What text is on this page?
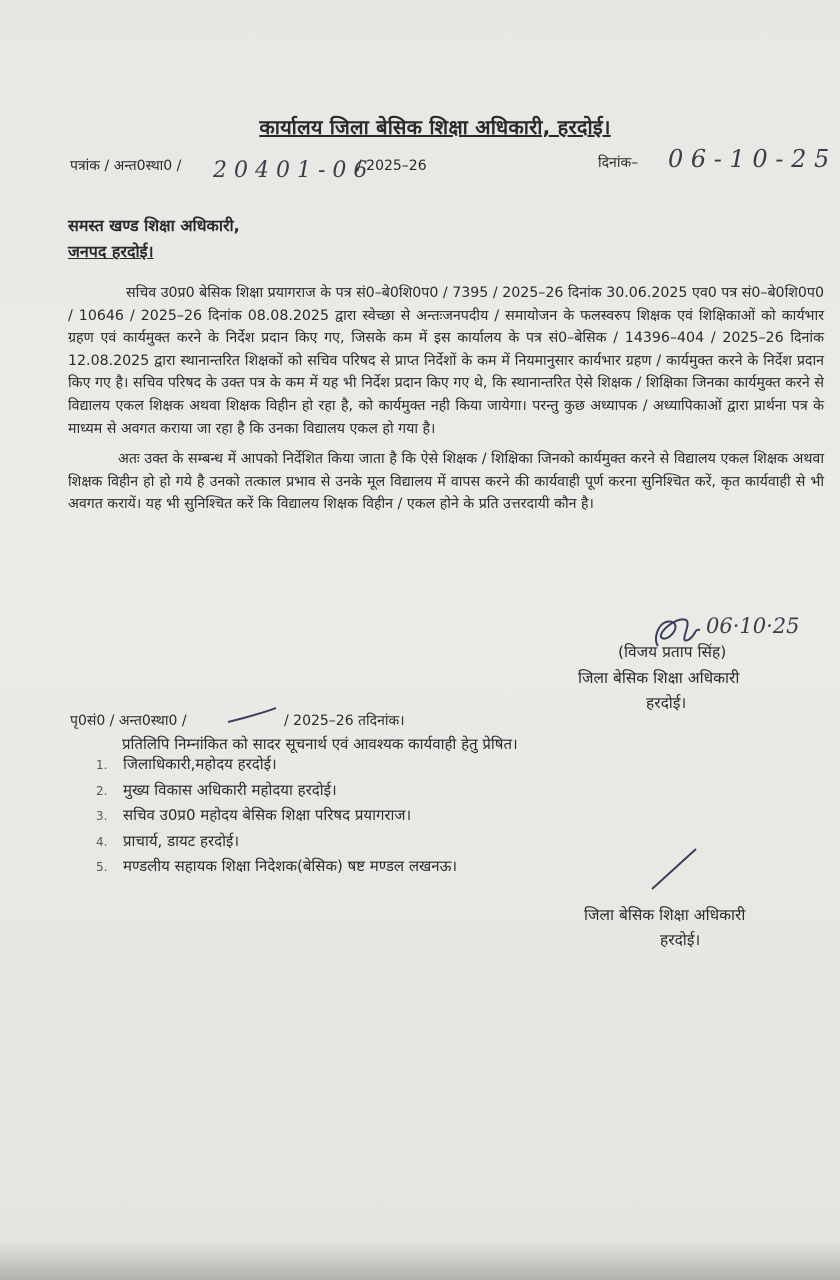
कार्यालय जिला बेसिक शिक्षा अधिकारी, हरदोई।
पत्रांक / अन्त0स्था0 / 2 0 4 0 1 - 0 6
/ 2025–26	दिनांक– 0 6 - 1 0 - 2 5
समस्त खण्ड शिक्षा अधिकारी,
जनपद हरदोई।

सचिव उ0प्र0 बेसिक शिक्षा प्रयागराज के पत्र सं0–बे0शि0प0 / 7395 / 2025–26 दिनांक 30.06.2025 एव0 पत्र सं0–बे0शि0प0 / 10646 / 2025–26 दिनांक 08.08.2025 द्वारा स्वेच्छा से अन्तःजनपदीय / समायोजन के फलस्वरुप शिक्षक एवं शिक्षिकाओं को कार्यभार ग्रहण एवं कार्यमुक्त करने के निर्देश प्रदान किए गए, जिसके कम में इस कार्यालय के पत्र सं0–बेसिक / 14396–404 / 2025–26 दिनांक 12.08.2025 द्वारा स्थानान्तरित शिक्षकों को सचिव परिषद से प्राप्त निर्देशों के कम में नियमानुसार कार्यभार ग्रहण / कार्यमुक्त करने के निर्देश प्रदान किए गए है। सचिव परिषद के उक्त पत्र के कम में यह भी निर्देश प्रदान किए गए थे, कि स्थानान्तरित ऐसे शिक्षक / शिक्षिका जिनका कार्यमुक्त करने से विद्यालय एकल शिक्षक अथवा शिक्षक विहीन हो रहा है, को कार्यमुक्त नही किया जायेगा। परन्तु कुछ अध्यापक / अध्यापिकाओं द्वारा प्रार्थना पत्र के माध्यम से अवगत कराया जा रहा है कि उनका विद्यालय एकल हो गया है।

अतः उक्त के सम्बन्ध में आपको निर्देशित किया जाता है कि ऐसे शिक्षक / शिक्षिका जिनको कार्यमुक्त करने से विद्यालय एकल शिक्षक अथवा शिक्षक विहीन हो हो गये है उनको तत्काल प्रभाव से उनके मूल विद्यालय में वापस करने की कार्यवाही पूर्ण करना सुनिश्चित करें, कृत कार्यवाही से भी अवगत करायें। यह भी सुनिश्चित करें कि विद्यालय शिक्षक विहीन / एकल होने के प्रति उत्तरदायी कौन है।

06·10·25
(विजय प्रताप सिंह)
जिला बेसिक शिक्षा अधिकारी
हरदोई।
पृ0सं0 / अन्त0स्था0 /	/ 2025–26 तदिनांक।
प्रतिलिपि निम्नांकित को सादर सूचनार्थ एवं आवश्यक कार्यवाही हेतु प्रेषित।
1. जिलाधिकारी,महोदय हरदोई।
2. मुख्य विकास अधिकारी महोदया हरदोई।
3. सचिव उ0प्र0 महोदय बेसिक शिक्षा परिषद प्रयागराज।
4. प्राचार्य, डायट हरदोई।
5. मण्डलीय सहायक शिक्षा निदेशक(बेसिक) षष्ट मण्डल लखनऊ।
जिला बेसिक शिक्षा अधिकारी
हरदोई।
